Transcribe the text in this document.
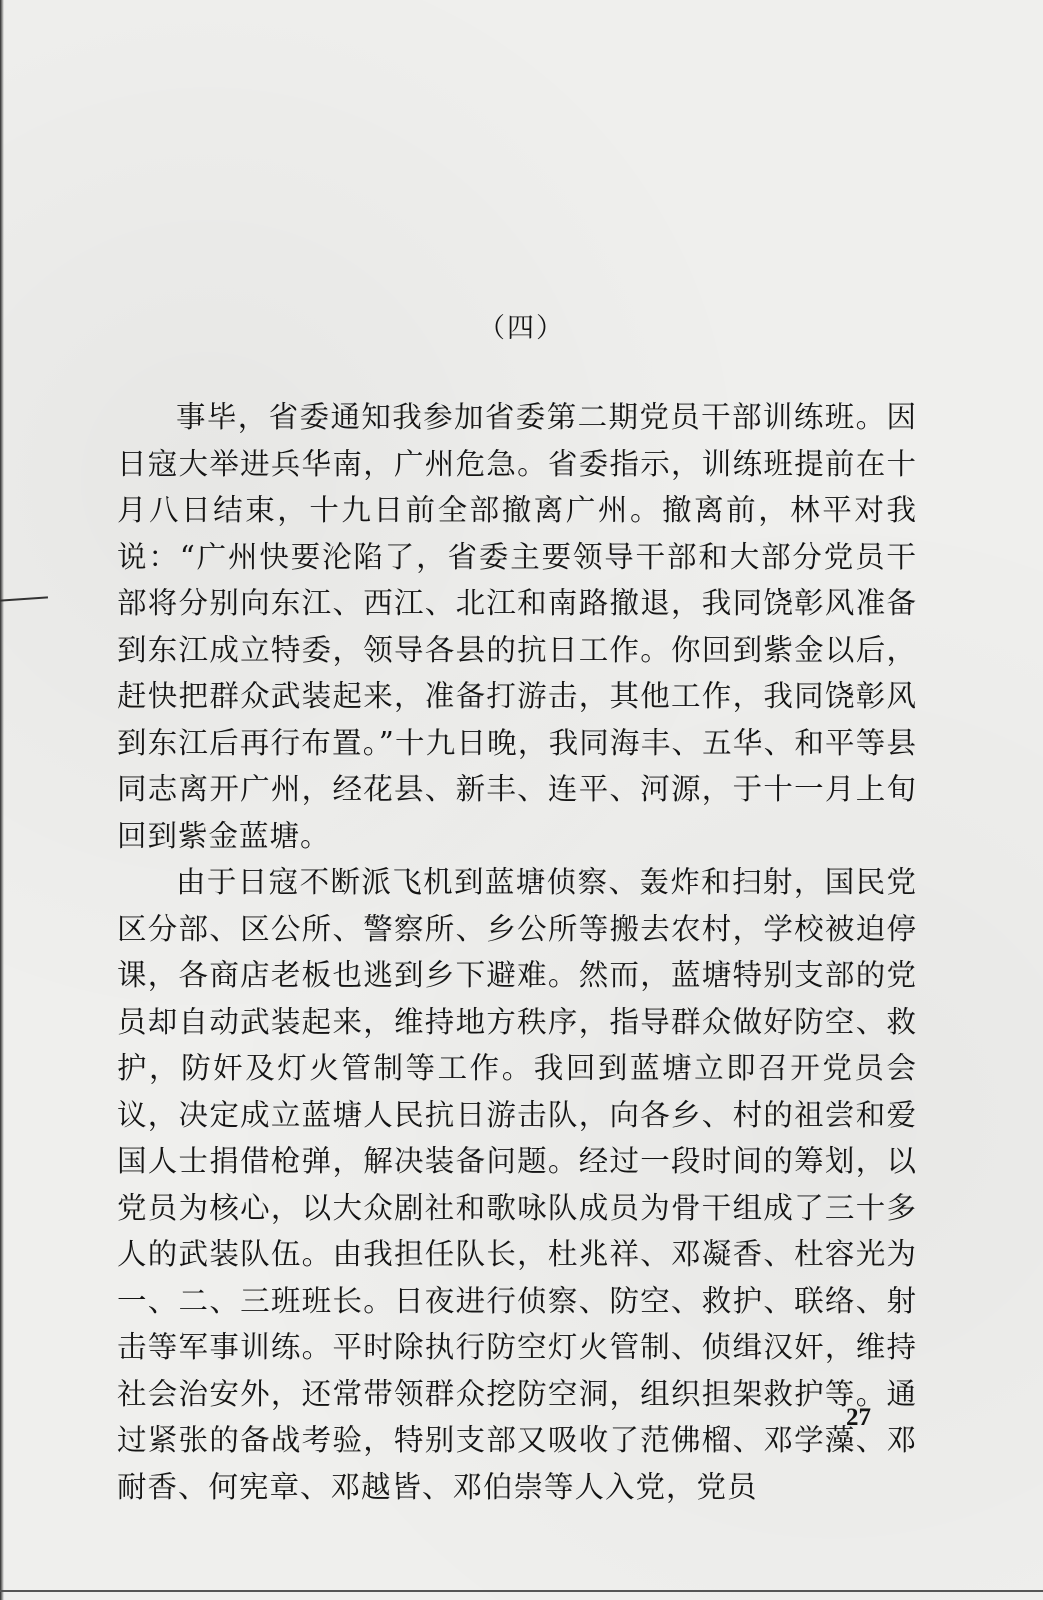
（四）

事毕，省委通知我参加省委第二期党员干部训练班。因日寇大举进兵华南，广州危急。省委指示，训练班提前在十月八日结束，十九日前全部撤离广州。撤离前，林平对我说：“广州快要沦陷了，省委主要领导干部和大部分党员干部将分别向东江、西江、北江和南路撤退，我同饶彰风准备到东江成立特委，领导各县的抗日工作。你回到紫金以后，赶快把群众武装起来，准备打游击，其他工作，我同饶彰风到东江后再行布置。”十九日晚，我同海丰、五华、和平等县同志离开广州，经花县、新丰、连平、河源，于十一月上旬回到紫金蓝塘。

由于日寇不断派飞机到蓝塘侦察、轰炸和扫射，国民党区分部、区公所、警察所、乡公所等搬去农村，学校被迫停课，各商店老板也逃到乡下避难。然而，蓝塘特别支部的党员却自动武装起来，维持地方秩序，指导群众做好防空、救护，防奸及灯火管制等工作。我回到蓝塘立即召开党员会议，决定成立蓝塘人民抗日游击队，向各乡、村的祖尝和爱国人士捐借枪弹，解决装备问题。经过一段时间的筹划，以党员为核心，以大众剧社和歌咏队成员为骨干组成了三十多人的武装队伍。由我担任队长，杜兆祥、邓凝香、杜容光为一、二、三班班长。日夜进行侦察、防空、救护、联络、射击等军事训练。平时除执行防空灯火管制、侦缉汉奸，维持社会治安外，还常带领群众挖防空洞，组织担架救护等。通过紧张的备战考验，特别支部又吸收了范佛榴、邓学藻、邓耐香、何宪章、邓越皆、邓伯崇等人入党，党员

27
